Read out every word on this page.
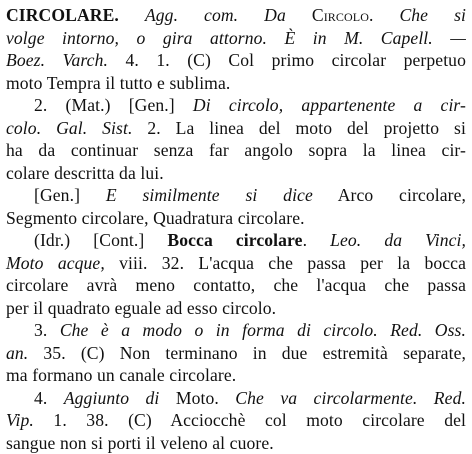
CIRCOLARE. Agg. com. Da Circolo. Che si
volge intorno, o gira attorno. È in M. Capell. —
Boez. Varch. 4. 1. (C) Col primo circolar perpetuo
moto Tempra il tutto e sublima.
2. (Mat.) [Gen.] Di circolo, appartenente a cir-
colo. Gal. Sist. 2. La linea del moto del projetto si
ha da continuar senza far angolo sopra la linea cir-
colare descritta da lui.
[Gen.] E similmente si dice Arco circolare,
Segmento circolare, Quadratura circolare.
(Idr.) [Cont.] Bocca circolare. Leo. da Vinci,
Moto acque, viii. 32. L'acqua che passa per la bocca
circolare avrà meno contatto, che l'acqua che passa
per il quadrato eguale ad esso circolo.
3. Che è a modo o in forma di circolo. Red. Oss.
an. 35. (C) Non terminano in due estremità separate,
ma formano un canale circolare.
4. Aggiunto di Moto. Che va circolarmente. Red.
Vip. 1. 38. (C) Acciocchè col moto circolare del
sangue non si porti il veleno al cuore.
